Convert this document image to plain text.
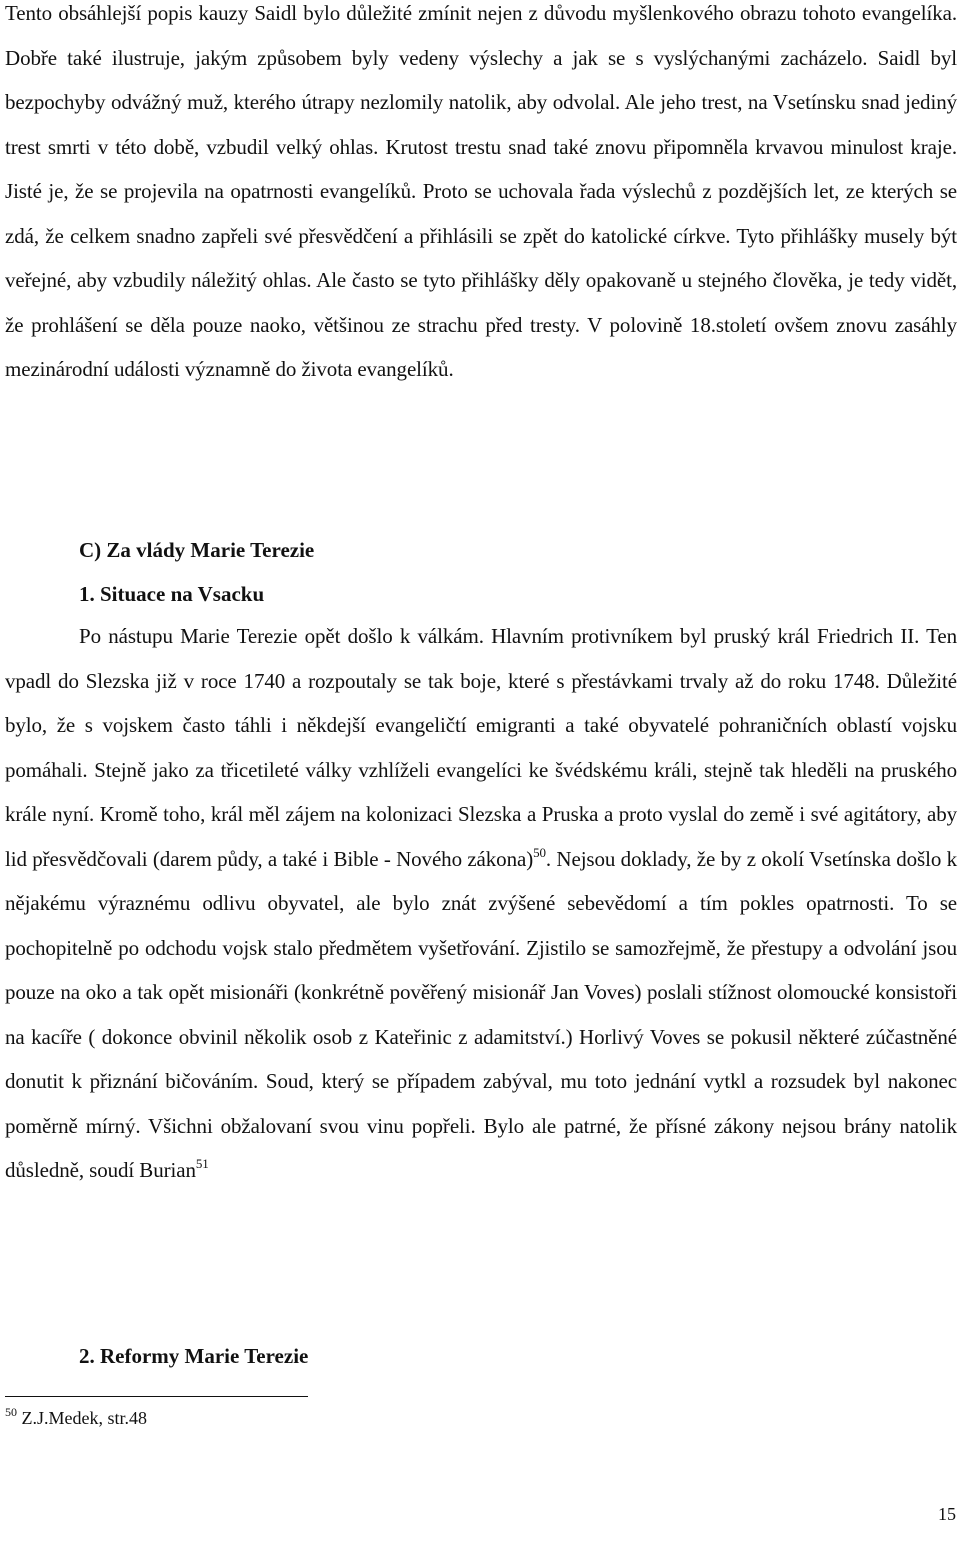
Tento obsáhlejší popis kauzy Saidl bylo důležité zmínit nejen z důvodu myšlenkového obrazu tohoto evangelíka. Dobře také ilustruje, jakým způsobem byly vedeny výslechy a jak se s vyslýchanými zacházelo. Saidl byl bezpochyby odvážný muž, kterého útrapy nezlomily natolik, aby odvolal. Ale jeho trest, na Vsetínsku snad jediný trest smrti v této době, vzbudil velký ohlas. Krutost trestu snad také znovu připomněla krvavou minulost kraje. Jisté je, že se projevila na opatrnosti evangelíků. Proto se uchovala řada výslechů z pozdějších let, ze kterých se zdá, že celkem snadno zapřeli své přesvědčení a přihlásili se zpět do katolické církve. Tyto přihlášky musely být veřejné, aby vzbudily náležitý ohlas. Ale často se tyto přihlášky děly opakovaně u stejného člověka, je tedy vidět, že prohlášení se děla pouze naoko, většinou ze strachu před tresty. V polovině 18.století ovšem znovu zasáhly mezinárodní události významně do života evangelíků.
C) Za vlády Marie Terezie
1. Situace na Vsacku
Po nástupu Marie Terezie opět došlo k válkám. Hlavním protivníkem byl pruský král Friedrich II. Ten vpadl do Slezska již v roce 1740 a rozpoutaly se tak boje, které s přestávkami trvaly až do roku 1748. Důležité bylo, že s vojskem často táhli i někdejší evangeličtí emigranti a také obyvatelé pohraničních oblastí vojsku pomáhali. Stejně jako za třicetileté války vzhlíželi evangelíci ke švédskému králi, stejně tak hleděli na pruského krále nyní. Kromě toho, král měl zájem na kolonizaci Slezska a Pruska a proto vyslal do země i své agitátory, aby lid přesvědčovali (darem půdy, a také i Bible - Nového zákona)$^{50}$. Nejsou doklady, že by z okolí Vsetínska došlo k nějakému výraznému odlivu obyvatel, ale bylo znát zvýšené sebevědomí a tím pokles opatrnosti. To se pochopitelně po odchodu vojsk stalo předmětem vyšetřování. Zjistilo se samozřejmě, že přestupy a odvolání jsou pouze na oko a tak opět misionáři (konkrétně pověřený misionář Jan Voves) poslali stížnost olomoucké konsistoři na kacíře ( dokonce obvinil několik osob z Kateřinic z adamitství.) Horlivý Voves se pokusil některé zúčastněné donutit k přiznání bičováním. Soud, který se případem zabýval, mu toto jednání vytkl a rozsudek byl nakonec poměrně mírný. Všichni obžalovaní svou vinu popřeli. Bylo ale patrné, že přísné zákony nejsou brány natolik důsledně, soudí Burian$^{51}$
2. Reformy Marie Terezie
$^{50}$ Z.J.Medek, str.48
15
